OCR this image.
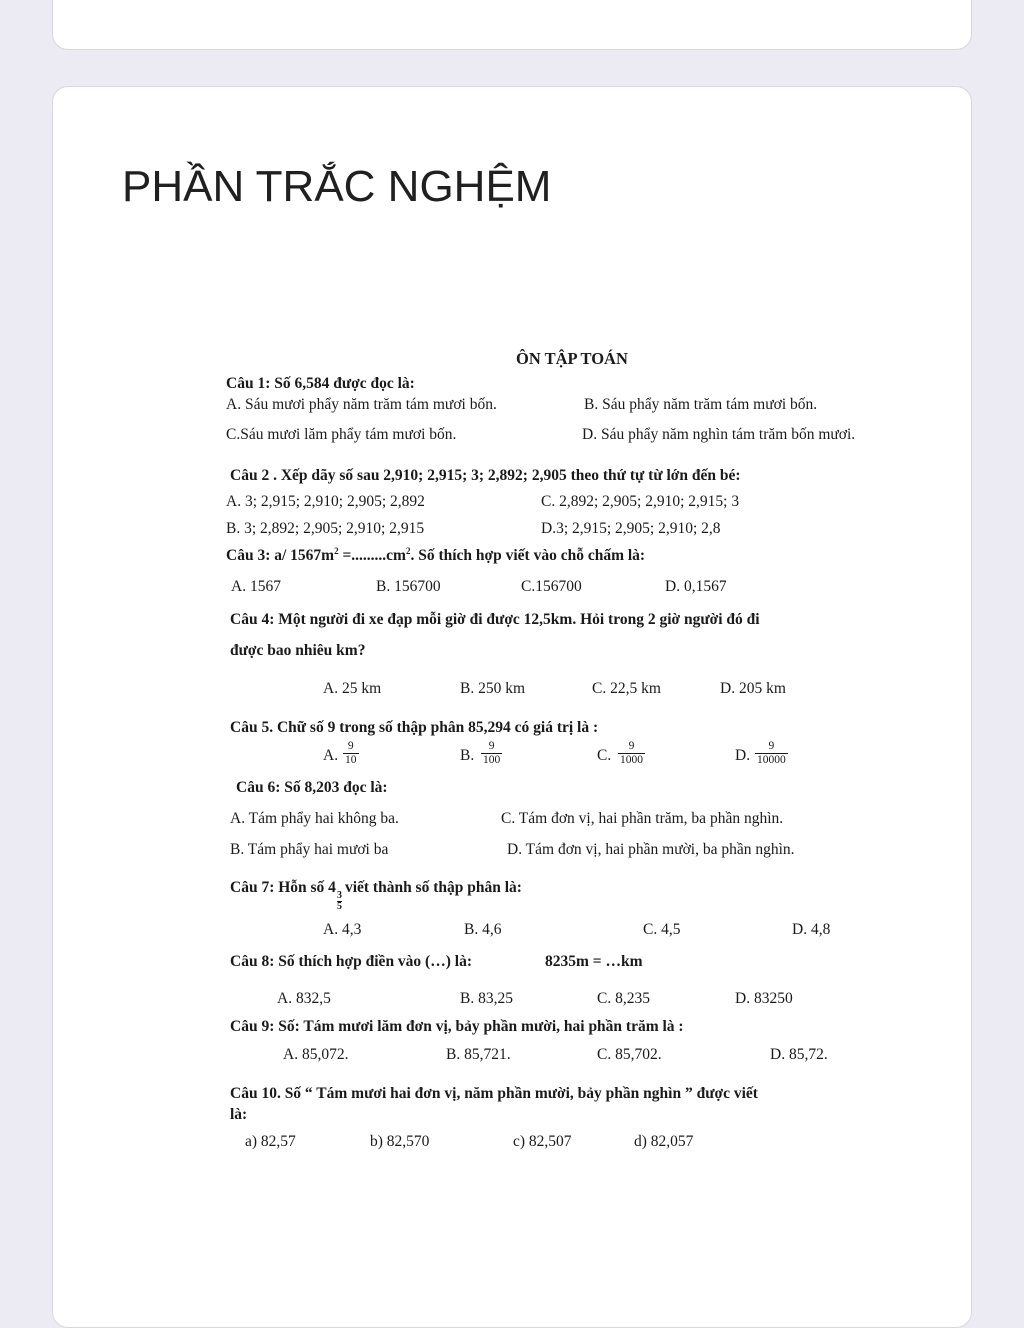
PHẦN TRẮC NGHỆM
ÔN TẬP TOÁN
Câu 1: Số 6,584 được đọc là:
A. Sáu mươi phẩy năm trăm tám mươi bốn.	B. Sáu phẩy năm trăm tám mươi bốn.
C.Sáu mươi lăm phẩy tám mươi bốn.	D. Sáu phẩy năm nghìn tám trăm bốn mươi.
Câu 2 . Xếp dãy số sau 2,910; 2,915; 3; 2,892; 2,905 theo thứ tự từ lớn đến bé:
A. 3; 2,915; 2,910; 2,905; 2,892	C. 2,892; 2,905; 2,910; 2,915; 3
B. 3; 2,892; 2,905; 2,910; 2,915	D.3; 2,915; 2,905; 2,910; 2,8
Câu 3: a/ $1567m^2 =.........cm^2$. Số thích hợp viết vào chỗ chấm là:
A. 1567	B. 156700	C.156700	D. 0,1567
Câu 4: Một người đi xe đạp mỗi giờ đi được 12,5km. Hỏi trong 2 giờ người đó đi
được bao nhiêu km?
A. 25 km	B. 250 km	C. 22,5 km	D. 205 km
Câu 5. Chữ số 9 trong số thập phân 85,294 có giá trị là :
A. $\frac{9}{10}$	B. $\frac{9}{100}$	C. $\frac{9}{1000}$	D. $\frac{9}{10000}$
Câu 6: Số 8,203 đọc là:
A. Tám phẩy hai không ba.	C. Tám đơn vị, hai phần trăm, ba phần nghìn.
B. Tám phẩy hai mươi ba	D. Tám đơn vị, hai phần mười, ba phần nghìn.
Câu 7: Hỗn số 4
$\frac{3}{5}$
viết thành số thập phân là:
A. 4,3	B. 4,6	C. 4,5	D. 4,8
Câu 8: Số thích hợp điền vào (…) là:	8235m = …km
A. 832,5	B. 83,25	C. 8,235	D. 83250
Câu 9: Số: Tám mươi lăm đơn vị, bảy phần mười, hai phần trăm là :
A. 85,072.	B. 85,721.	C. 85,702.	D. 85,72.
Câu 10. Số “ Tám mươi hai đơn vị, năm phần mười, bảy phần nghìn ” được viết
là:
a) 82,57	b) 82,570	c) 82,507	d) 82,057
